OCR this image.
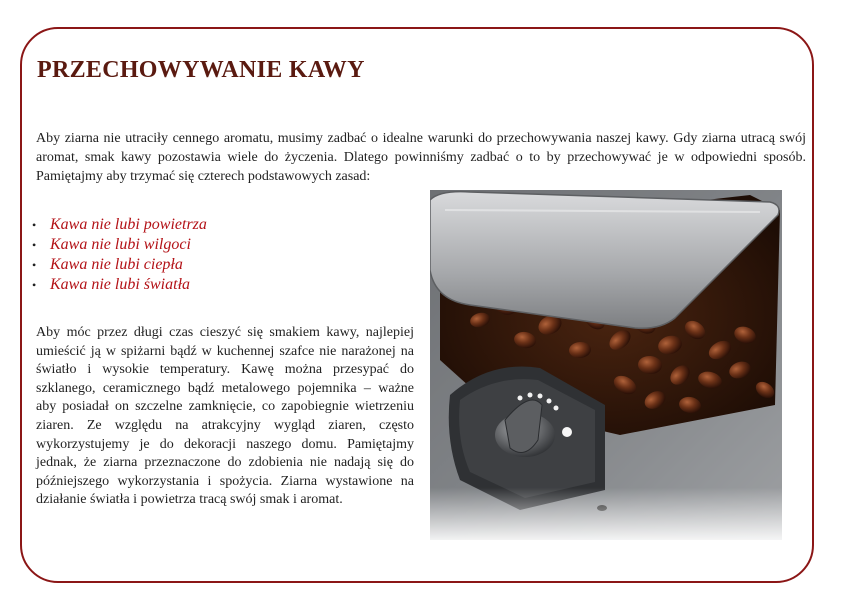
PRZECHOWYWANIE KAWY

Aby ziarna nie utraciły cennego aromatu, musimy zadbać o idealne warunki do przechowywania naszej kawy. Gdy ziarna utracą swój aromat, smak kawy pozostawia wiele do życzenia. Dlatego powinniśmy zadbać o to by przechowywać je w odpowiedni sposób. Pamiętajmy aby trzymać się czterech podstawowych zasad:

• Kawa nie lubi powietrza
• Kawa nie lubi wilgoci
• Kawa nie lubi ciepła
• Kawa nie lubi światła

Aby móc przez długi czas cieszyć się smakiem kawy, najlepiej umieścić ją w spiżarni bądź w kuchennej szafce nie narażonej na światło i wysokie temperatury. Kawę można przesypać do szklanego, ceramicznego bądź metalowego pojemnika – ważne aby posiadał on szczelne zamknięcie, co zapobiegnie wietrzeniu ziaren. Ze względu na atrakcyjny wygląd ziaren, często wykorzystujemy je do dekoracji naszego domu. Pamiętajmy jednak, że ziarna przeznaczone do zdobienia nie nadają się do późniejszego wykorzystania i spożycia. Ziarna wystawione na działanie światła i powietrza tracą swój smak i aromat.
